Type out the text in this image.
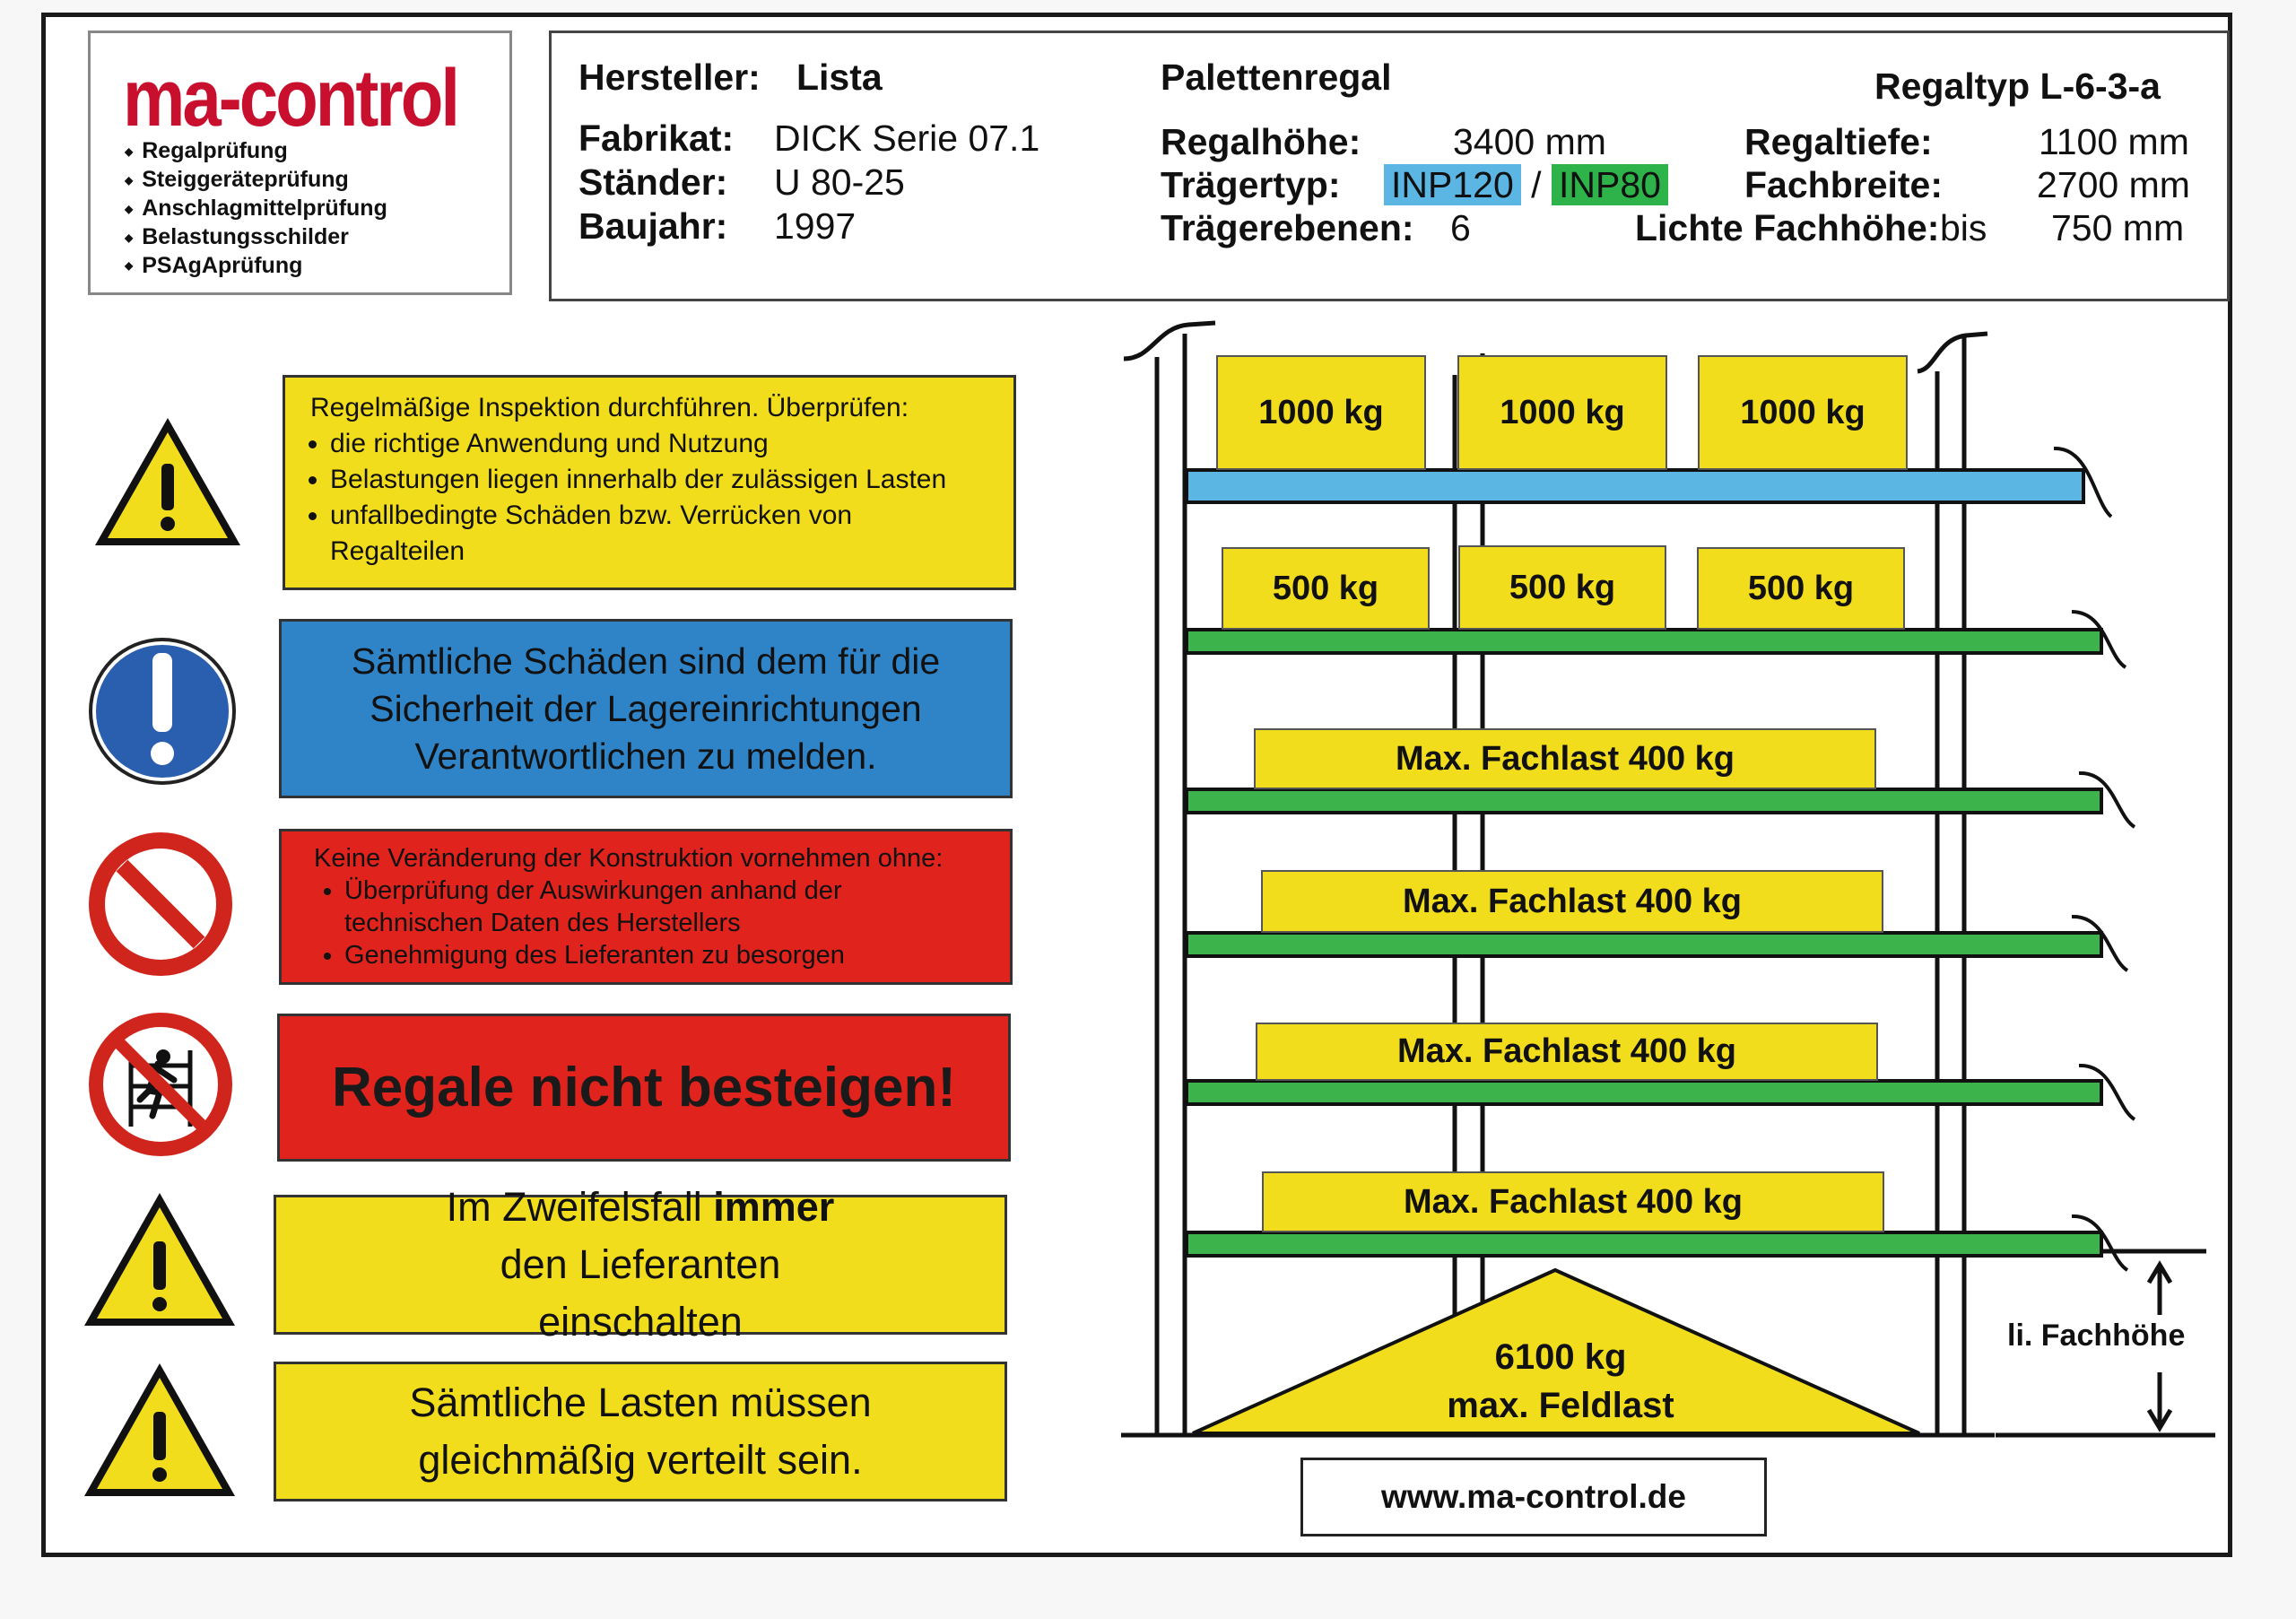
ma-control
◆ Regalprüfung
◆ Steiggeräteprüfung
◆ Anschlagmittelprüfung
◆ Belastungsschilder
◆ PSAgAprüfung
Hersteller: Lista
Fabrikat: DICK Serie 07.1
Ständer: U 80-25
Baujahr: 1997
Palettenregal
Regalhöhe:	3400 mm
Trägertyp: INP120 / INP80
Trägerebenen: 6
Regaltyp L-6-3-a
Regaltiefe:	1100 mm
Fachbreite:	2700 mm
Lichte Fachhöhe: bis 750 mm
Regelmäßige Inspektion durchführen. Überprüfen:
• die richtige Anwendung und Nutzung
• Belastungen liegen innerhalb der zulässigen Lasten
• unfallbedingte Schäden bzw. Verrücken von Regalteilen
Sämtliche Schäden sind dem für die Sicherheit der Lagereinrichtungen Verantwortlichen zu melden.
Keine Veränderung der Konstruktion vornehmen ohne:
• Überprüfung der Auswirkungen anhand der technischen Daten des Herstellers
• Genehmigung des Lieferanten zu besorgen
Regale nicht besteigen!
Im Zweifelsfall immer den Lieferanten einschalten
Sämtliche Lasten müssen gleichmäßig verteilt sein.
1000 kg	1000 kg	1000 kg
500 kg	500 kg	500 kg
Max. Fachlast 400 kg
Max. Fachlast 400 kg
Max. Fachlast 400 kg
Max. Fachlast 400 kg
6100 kg
max. Feldlast
li. Fachhöhe
www.ma-control.de
